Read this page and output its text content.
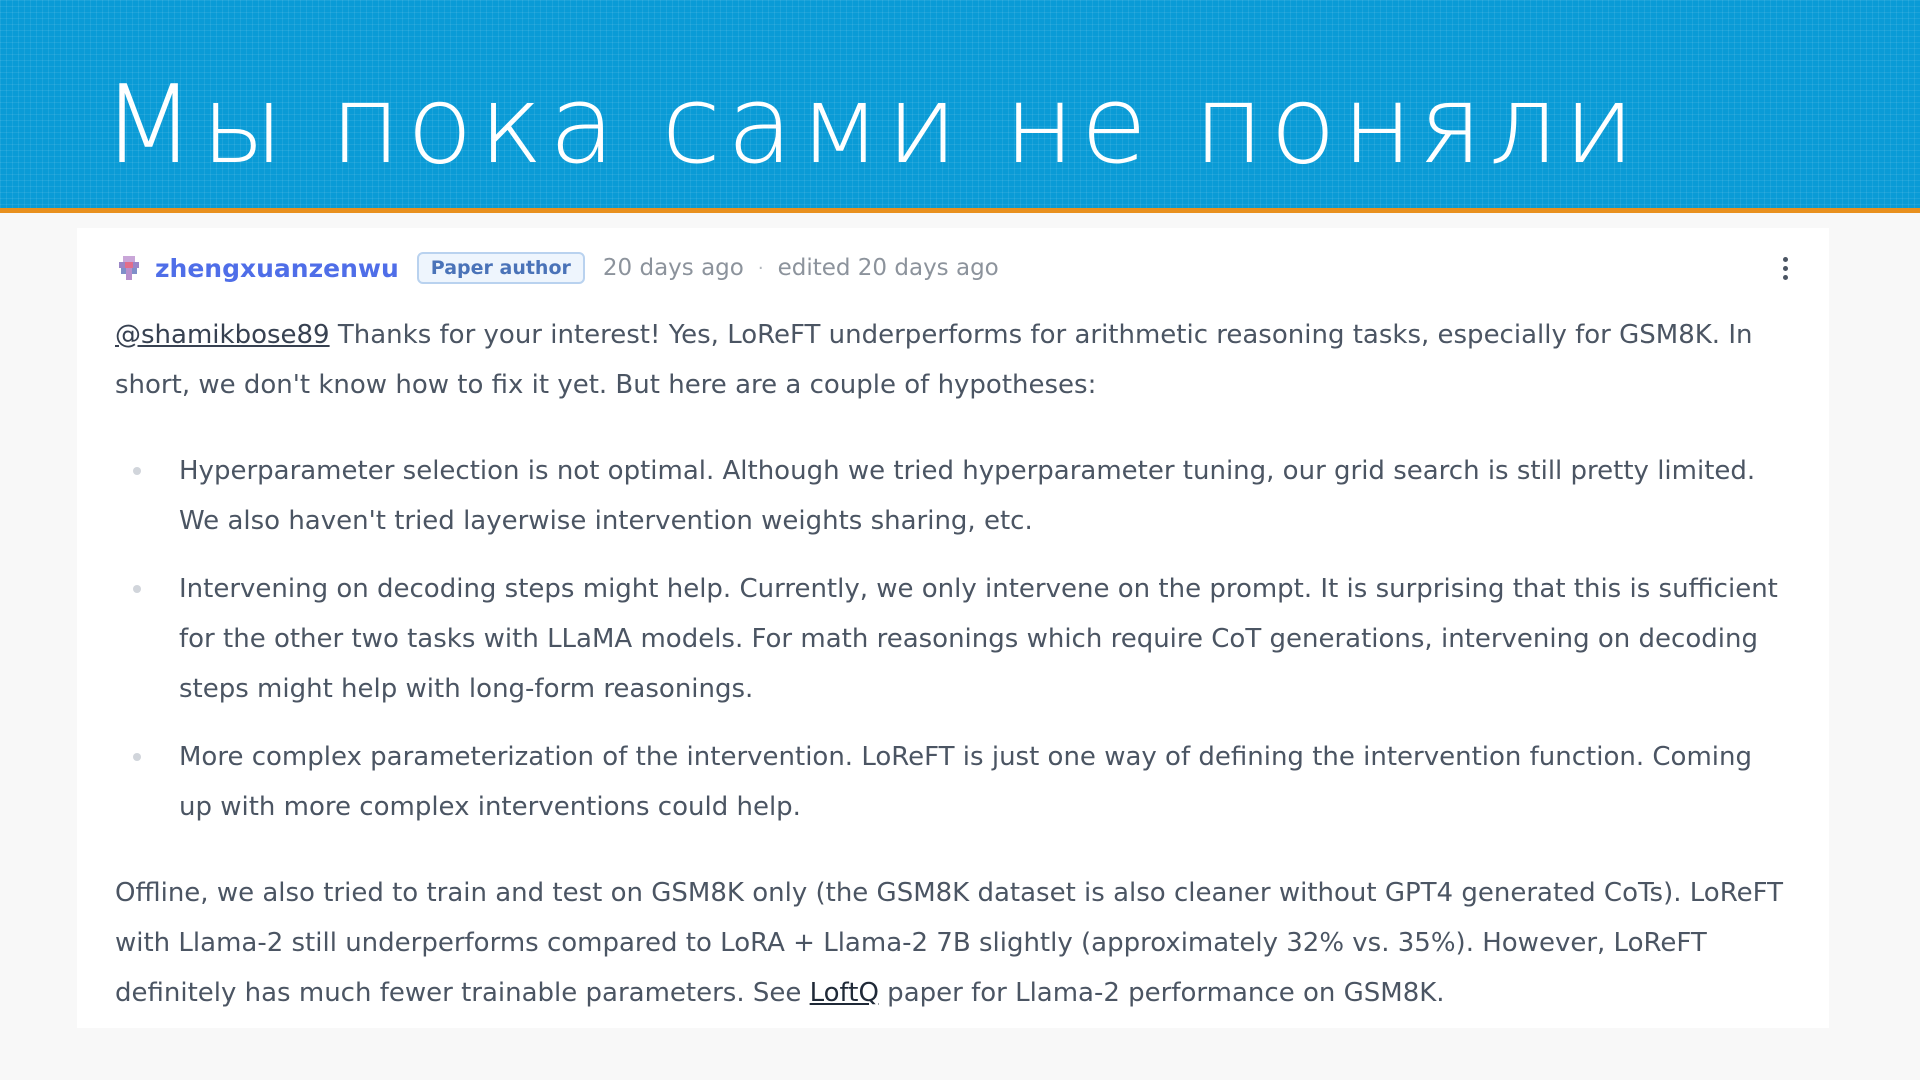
Мы пока сами не поняли
zhengxuanzenwu	Paper author	20 days ago · edited 20 days ago

@shamikbose89 Thanks for your interest! Yes, LoReFT underperforms for arithmetic reasoning tasks, especially for GSM8K. In short, we don't know how to fix it yet. But here are a couple of hypotheses:

Hyperparameter selection is not optimal. Although we tried hyperparameter tuning, our grid search is still pretty limited. We also haven't tried layerwise intervention weights sharing, etc.
Intervening on decoding steps might help. Currently, we only intervene on the prompt. It is surprising that this is sufficient for the other two tasks with LLaMA models. For math reasonings which require CoT generations, intervening on decoding steps might help with long-form reasonings.
More complex parameterization of the intervention. LoReFT is just one way of defining the intervention function. Coming up with more complex interventions could help.

Offline, we also tried to train and test on GSM8K only (the GSM8K dataset is also cleaner without GPT4 generated CoTs). LoReFT with Llama-2 still underperforms compared to LoRA + Llama-2 7B slightly (approximately 32% vs. 35%). However, LoReFT definitely has much fewer trainable parameters. See LoftQ paper for Llama-2 performance on GSM8K.
